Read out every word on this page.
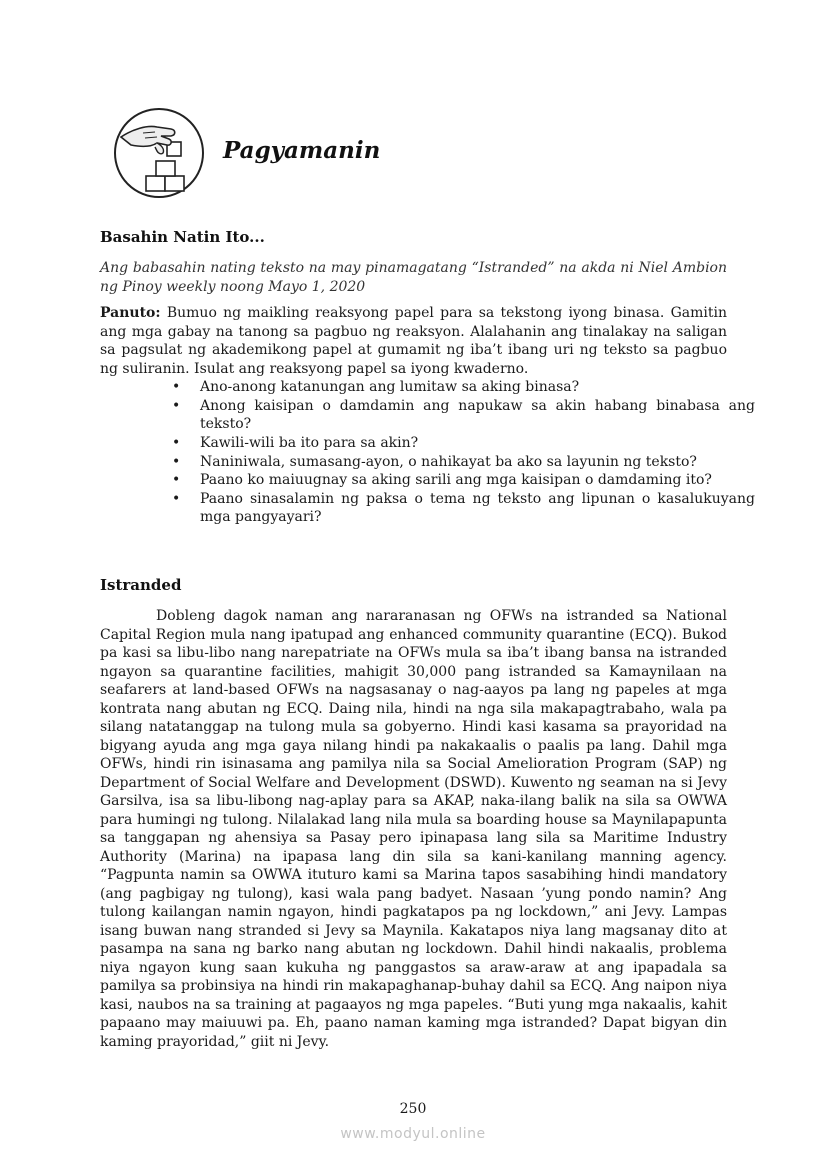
Pagyamanin
Basahin Natin Ito...
Ang babasahin nating teksto na may pinamagatang “Istranded” na akda ni Niel Ambion ng Pinoy weekly noong Mayo 1, 2020
Panuto: Bumuo ng maikling reaksyong papel para sa tekstong iyong binasa. Gamitin ang mga gabay na tanong sa pagbuo ng reaksyon. Alalahanin ang tinalakay na saligan sa pagsulat ng akademikong papel at gumamit ng iba’t ibang uri ng teksto sa pagbuo ng suliranin. Isulat ang reaksyong papel sa iyong kwaderno.
• Ano-anong katanungan ang lumitaw sa aking binasa?
• Anong kaisipan o damdamin ang napukaw sa akin habang binabasa ang teksto?
• Kawili-wili ba ito para sa akin?
• Naniniwala, sumasang-ayon, o nahikayat ba ako sa layunin ng teksto?
• Paano ko maiuugnay sa aking sarili ang mga kaisipan o damdaming ito?
• Paano sinasalamin ng paksa o tema ng teksto ang lipunan o kasalukuyang mga pangyayari?
Istranded
Dobleng dagok naman ang nararanasan ng OFWs na istranded sa National Capital Region mula nang ipatupad ang enhanced community quarantine (ECQ). Bukod pa kasi sa libu-libo nang narepatriate na OFWs mula sa iba’t ibang bansa na istranded ngayon sa quarantine facilities, mahigit 30,000 pang istranded sa Kamaynilaan na seafarers at land-based OFWs na nagsasanay o nag-aayos pa lang ng papeles at mga kontrata nang abutan ng ECQ. Daing nila, hindi na nga sila makapagtrabaho, wala pa silang natatanggap na tulong mula sa gobyerno. Hindi kasi kasama sa prayoridad na bigyang ayuda ang mga gaya nilang hindi pa nakakaalis o paalis pa lang. Dahil mga OFWs, hindi rin isinasama ang pamilya nila sa Social Amelioration Program (SAP) ng Department of Social Welfare and Development (DSWD). Kuwento ng seaman na si Jevy Garsilva, isa sa libu-libong nag-aplay para sa AKAP, naka-ilang balik na sila sa OWWA para humingi ng tulong. Nilalakad lang nila mula sa boarding house sa Maynilapapunta sa tanggapan ng ahensiya sa Pasay pero ipinapasa lang sila sa Maritime Industry Authority (Marina) na ipapasa lang din sila sa kani-kanilang manning agency. “Pagpunta namin sa OWWA ituturo kami sa Marina tapos sasabihing hindi mandatory (ang pagbigay ng tulong), kasi wala pang badyet. Nasaan ’yung pondo namin? Ang tulong kailangan namin ngayon, hindi pagkatapos pa ng lockdown,” ani Jevy. Lampas isang buwan nang stranded si Jevy sa Maynila. Kakatapos niya lang magsanay dito at pasampa na sana ng barko nang abutan ng lockdown. Dahil hindi nakaalis, problema niya ngayon kung saan kukuha ng panggastos sa araw-araw at ang ipapadala sa pamilya sa probinsiya na hindi rin makapaghanap-buhay dahil sa ECQ. Ang naipon niya kasi, naubos na sa training at pagaayos ng mga papeles. “Buti yung mga nakaalis, kahit papaano may maiuuwi pa. Eh, paano naman kaming mga istranded? Dapat bigyan din kaming prayoridad,” giit ni Jevy.
250
www.modyul.online
